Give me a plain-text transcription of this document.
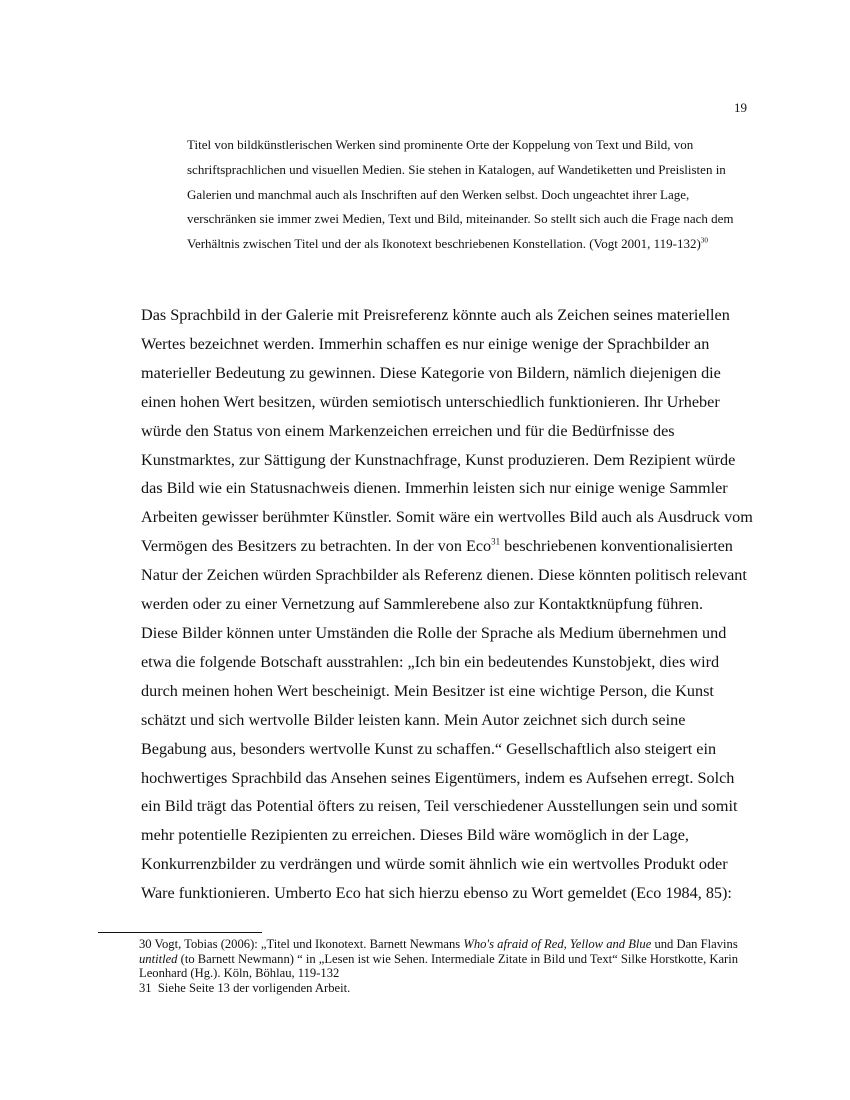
19
Titel von bildkünstlerischen Werken sind prominente Orte der Koppelung von Text und Bild, von schriftsprachlichen und visuellen Medien. Sie stehen in Katalogen, auf Wandetiketten und Preislisten in Galerien und manchmal auch als Inschriften auf den Werken selbst. Doch ungeachtet ihrer Lage, verschränken sie immer zwei Medien, Text und Bild, miteinander. So stellt sich auch die Frage nach dem Verhältnis zwischen Titel und der als Ikonotext beschriebenen Konstellation. (Vogt 2001, 119-132)$^{30}$

Das Sprachbild in der Galerie mit Preisreferenz könnte auch als Zeichen seines materiellen Wertes bezeichnet werden. Immerhin schaffen es nur einige wenige der Sprachbilder an materieller Bedeutung zu gewinnen. Diese Kategorie von Bildern, nämlich diejenigen die einen hohen Wert besitzen, würden semiotisch unterschiedlich funktionieren. Ihr Urheber würde den Status von einem Markenzeichen erreichen und für die Bedürfnisse des Kunstmarktes, zur Sättigung der Kunstnachfrage, Kunst produzieren. Dem Rezipient würde das Bild wie ein Statusnachweis dienen. Immerhin leisten sich nur einige wenige Sammler Arbeiten gewisser berühmter Künstler. Somit wäre ein wertvolles Bild auch als Ausdruck vom Vermögen des Besitzers zu betrachten. In der von Eco$^{31}$ beschriebenen konventionalisierten Natur der Zeichen würden Sprachbilder als Referenz dienen. Diese könnten politisch relevant werden oder zu einer Vernetzung auf Sammlerebene also zur Kontaktknüpfung führen.

Diese Bilder können unter Umständen die Rolle der Sprache als Medium übernehmen und etwa die folgende Botschaft ausstrahlen: „Ich bin ein bedeutendes Kunstobjekt, dies wird durch meinen hohen Wert bescheinigt. Mein Besitzer ist eine wichtige Person, die Kunst schätzt und sich wertvolle Bilder leisten kann. Mein Autor zeichnet sich durch seine Begabung aus, besonders wertvolle Kunst zu schaffen.“ Gesellschaftlich also steigert ein hochwertiges Sprachbild das Ansehen seines Eigentümers, indem es Aufsehen erregt. Solch ein Bild trägt das Potential öfters zu reisen, Teil verschiedener Ausstellungen sein und somit mehr potentielle Rezipienten zu erreichen. Dieses Bild wäre womöglich in der Lage, Konkurrenzbilder zu verdrängen und würde somit ähnlich wie ein wertvolles Produkt oder Ware funktionieren. Umberto Eco hat sich hierzu ebenso zu Wort gemeldet (Eco 1984, 85):

30 Vogt, Tobias (2006): „Titel und Ikonotext. Barnett Newmans Who's afraid of Red, Yellow and Blue und Dan Flavins untitled (to Barnett Newmann) “ in „Lesen ist wie Sehen. Intermediale Zitate in Bild und Text“ Silke Horstkotte, Karin Leonhard (Hg.). Köln, Böhlau, 119-132

31 Siehe Seite 13 der vorligenden Arbeit.
